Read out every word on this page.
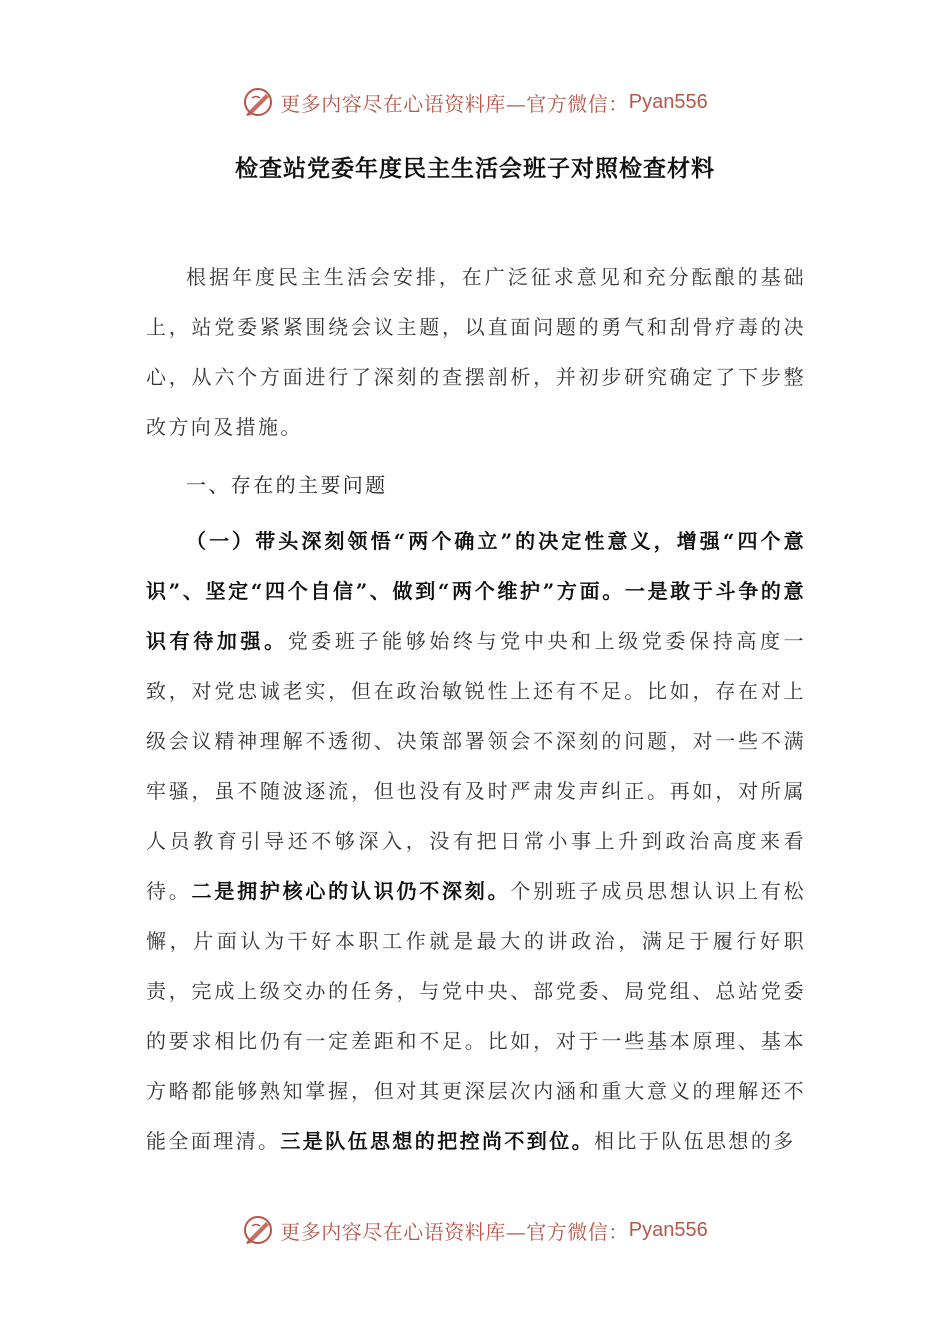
更多内容尽在心语资料库—官方微信： Pyan556
检查站党委年度民主生活会班子对照检查材料

根据年度民主生活会安排，在广泛征求意见和充分酝酿的基础上，站党委紧紧围绕会议主题，以直面问题的勇气和刮骨疗毒的决心，从六个方面进行了深刻的查摆剖析，并初步研究确定了下步整改方向及措施。

一、存在的主要问题

（一）带头深刻领悟“两个确立”的决定性意义，增强“四个意识”、坚定“四个自信”、做到“两个维护”方面。一是敢于斗争的意识有待加强。党委班子能够始终与党中央和上级党委保持高度一致，对党忠诚老实，但在政治敏锐性上还有不足。比如，存在对上级会议精神理解不透彻、决策部署领会不深刻的问题，对一些不满牢骚，虽不随波逐流，但也没有及时严肃发声纠正。再如，对所属人员教育引导还不够深入，没有把日常小事上升到政治高度来看待。二是拥护核心的认识仍不深刻。个别班子成员思想认识上有松懈，片面认为干好本职工作就是最大的讲政治，满足于履行好职责，完成上级交办的任务，与党中央、部党委、局党组、总站党委的要求相比仍有一定差距和不足。比如，对于一些基本原理、基本方略都能够熟知掌握，但对其更深层次内涵和重大意义的理解还不能全面理清。三是队伍思想的把控尚不到位。相比于队伍思想的多

更多内容尽在心语资料库—官方微信： Pyan556
